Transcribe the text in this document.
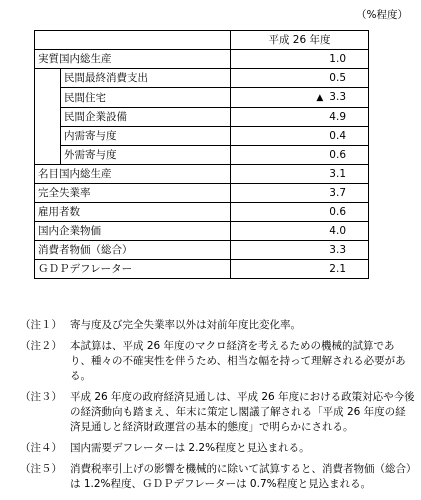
（%程度）
		平成 26 年度
実質国内総生産		1.0
	民間最終消費支出	0.5
	民間住宅	▲ 3.3
	民間企業設備	4.9
	内需寄与度	0.4
	外需寄与度	0.6
名目国内総生産		3.1
完全失業率		3.7
雇用者数		0.6
国内企業物価		4.0
消費者物価（総合）		3.3
ＧＤＰデフレーター		2.1
（注１） 寄与度及び完全失業率以外は対前年度比変化率。
（注２） 本試算は、平成 26 年度のマクロ経済を考えるための機械的試算であり、種々の不確実性を伴うため、相当な幅を持って理解される必要がある。
（注３） 平成 26 年度の政府経済見通しは、平成 26 年度における政策対応や今後の経済動向も踏まえ、年末に策定し閣議了解される「平成 26 年度の経済見通しと経済財政運営の基本的態度」で明らかにされる。
（注４） 国内需要デフレーターは 2.2%程度と見込まれる。
（注５） 消費税率引上げの影響を機械的に除いて試算すると、消費者物価（総合）は 1.2%程度、ＧＤＰデフレーターは 0.7%程度と見込まれる。
